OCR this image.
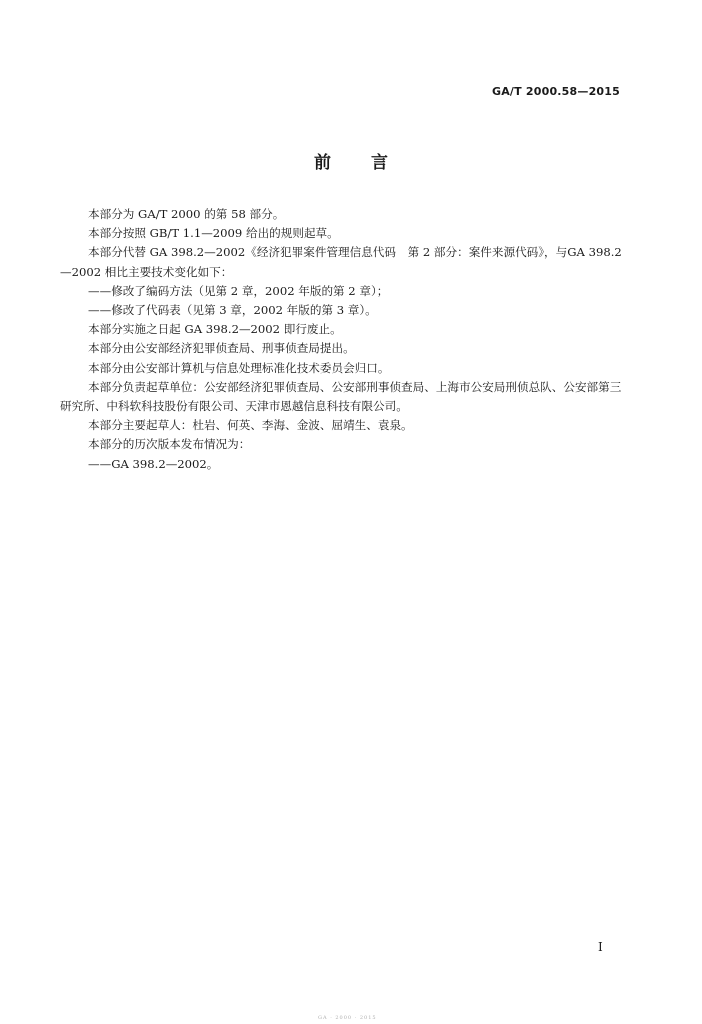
GA/T 2000.58—2015
前言

本部分为 GA/T 2000 的第 58 部分。

本部分按照 GB/T 1.1—2009 给出的规则起草。

本部分代替 GA 398.2—2002《经济犯罪案件管理信息代码　第 2 部分：案件来源代码》，与GA 398.2—2002 相比主要技术变化如下：

——修改了编码方法（见第 2 章，2002 年版的第 2 章）；

——修改了代码表（见第 3 章，2002 年版的第 3 章）。

本部分实施之日起 GA 398.2—2002 即行废止。

本部分由公安部经济犯罪侦查局、刑事侦查局提出。

本部分由公安部计算机与信息处理标准化技术委员会归口。

本部分负责起草单位：公安部经济犯罪侦查局、公安部刑事侦查局、上海市公安局刑侦总队、公安部第三研究所、中科软科技股份有限公司、天津市恩越信息科技有限公司。

本部分主要起草人：杜岩、何英、李海、金波、屈靖生、袁泉。

本部分的历次版本发布情况为：

——GA 398.2—2002。

I
GA · 2000 · 2015
